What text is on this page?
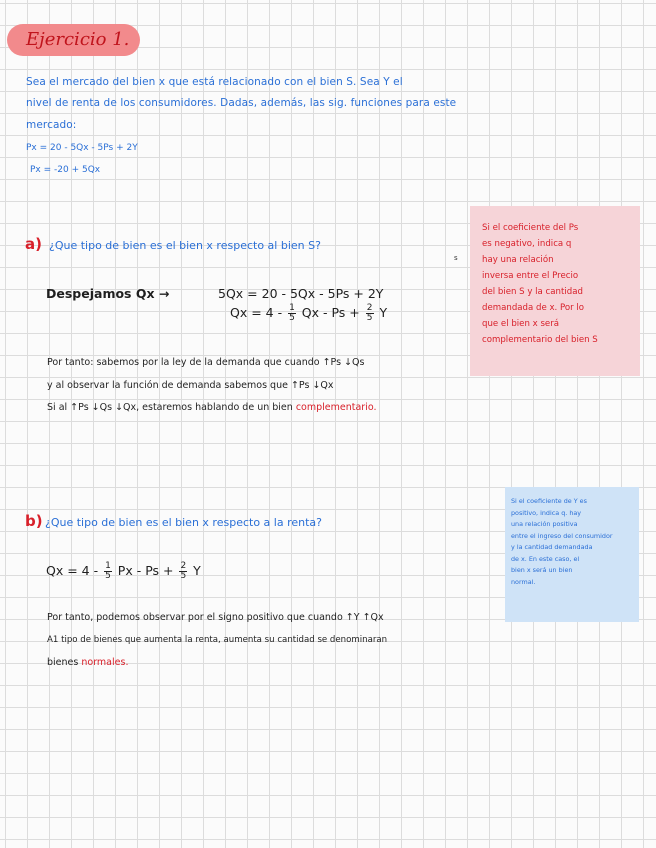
Ejercicio 1.
Sea el mercado del bien x que está relacionado con el bien S. Sea Y el
nivel de renta de los consumidores. Dadas, además, las sig. funciones para este
mercado:
Px = 20 - 5Qx - 5Ps + 2Y
Px = -20 + 5Qx
a) ¿Que tipo de bien es el bien x respecto al bien S?
s
Despejamos Qx →	5Qx = 20 - 5Qx - 5Ps + 2Y
$Qx = 4 - \frac{1}{5}$ $Qx - Ps + \frac{2}{5}$ Y
Por tanto: sabemos por la ley de la demanda que cuando ↑Ps ↓Qs
y al observar la función de demanda sabemos que ↑Ps ↓Qx
Si al ↑Ps ↓Qs ↓Qx, estaremos hablando de un bien complementario.

Si el coeficiente del Ps

es negativo, indica q

hay una relación

inversa entre el Precio

del bien S y la cantidad

demandada de x. Por lo

que el bien x será

complementario del bien S

b) ¿Que tipo de bien es el bien x respecto a la renta?
$Qx = 4 - \frac{1}{5}$ $Px - Ps + \frac{2}{5}$ Y
Por tanto, podemos observar por el signo positivo que cuando ↑Y ↑Qx
A1 tipo de bienes que aumenta la renta, aumenta su cantidad se denominaran
bienes normales.

Si el coeficiente de Y es

positivo, indica q. hay

una relación positiva

entre el ingreso del consumidor

y la cantidad demandada

de x. En este caso, el

bien x será un bien

normal.
